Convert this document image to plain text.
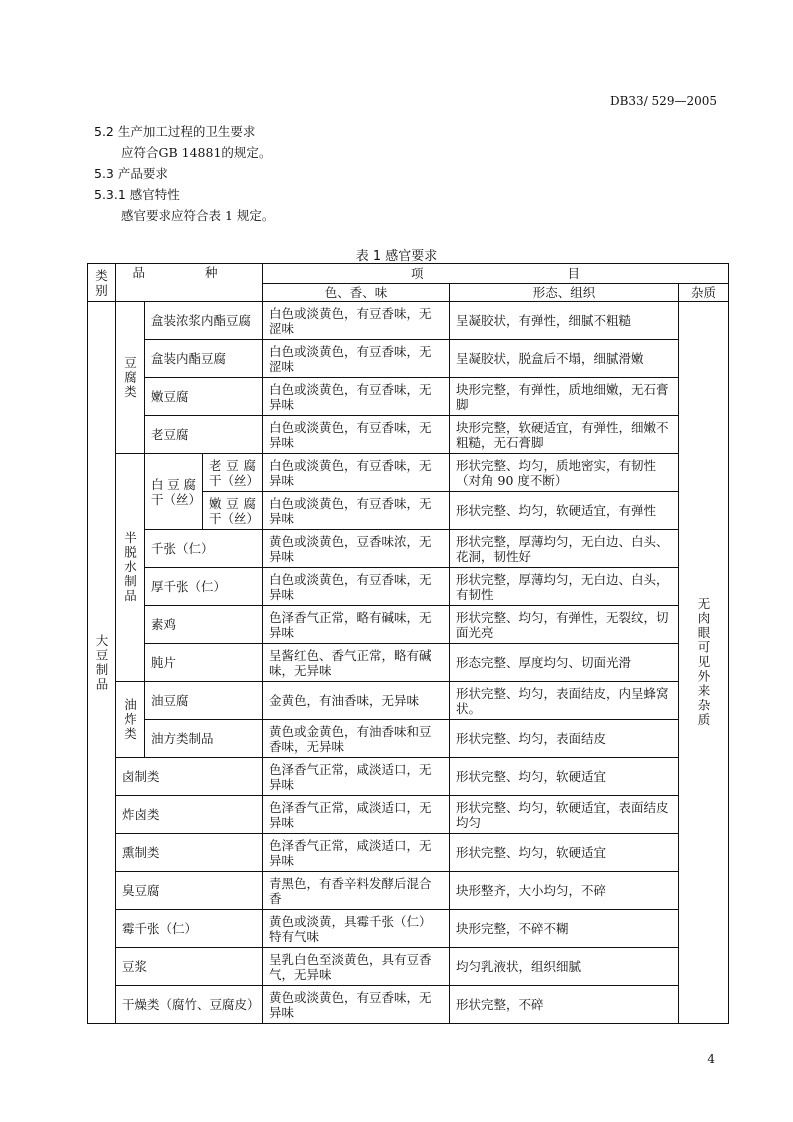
DB33/ 529—2005
5.2 生产加工过程的卫生要求
应符合GB 14881的规定。
5.3 产品要求
5.3.1 感官特性
感官要求应符合表 1 规定。
表 1 感官要求
类别	品 种			项 目		
				色、香、味	形态、组织	杂质
大豆制品	豆腐类	盒装浓浆内酯豆腐		白色或淡黄色，有豆香味，无涩味	呈凝胶状，有弹性，细腻不粗糙	无肉眼可见外来杂质
		盒装内酯豆腐		白色或淡黄色，有豆香味，无涩味	呈凝胶状，脱盒后不塌，细腻滑嫩	
		嫩豆腐		白色或淡黄色，有豆香味，无异味	块形完整，有弹性，质地细嫩，无石膏脚	
		老豆腐		白色或淡黄色，有豆香味，无异味	块形完整，软硬适宜，有弹性，细嫩不粗糙，无石膏脚	
	半脱水制品	白豆腐干（丝）	老豆腐干（丝）	白色或淡黄色，有豆香味，无异味	形状完整、均匀，质地密实，有韧性（对角 90 度不断）	
			嫩豆腐干（丝）	白色或淡黄色，有豆香味，无异味	形状完整、均匀，软硬适宜，有弹性	
		千张（仁）		黄色或淡黄色，豆香味浓，无异味	形状完整，厚薄均匀，无白边、白头、花洞，韧性好	
		厚千张（仁）		白色或淡黄色，有豆香味，无异味	形状完整，厚薄均匀，无白边、白头，有韧性	
		素鸡		色泽香气正常，略有碱味，无异味	形状完整、均匀，有弹性，无裂纹，切面光亮	
		肫片		呈酱红色、香气正常，略有碱味，无异味	形态完整、厚度均匀、切面光滑	
	油炸类	油豆腐		金黄色，有油香味，无异味	形状完整、均匀，表面结皮，内呈蜂窝状。	
		油方类制品		黄色或金黄色，有油香味和豆香味，无异味	形状完整、均匀，表面结皮	
	卤制类			色泽香气正常，咸淡适口，无异味	形状完整、均匀，软硬适宜	
	炸卤类			色泽香气正常，咸淡适口，无异味	形状完整、均匀，软硬适宜，表面结皮均匀	
	熏制类			色泽香气正常，咸淡适口，无异味	形状完整、均匀，软硬适宜	
	臭豆腐			青黑色，有香辛料发酵后混合香	块形整齐，大小均匀，不碎	
	霉千张（仁）			黄色或淡黄，具霉千张（仁）特有气味	块形完整，不碎不糊	
	豆浆			呈乳白色至淡黄色，具有豆香气，无异味	均匀乳液状，组织细腻	
	干燥类（腐竹、豆腐皮）			黄色或淡黄色，有豆香味，无异味	形状完整，不碎	
4
